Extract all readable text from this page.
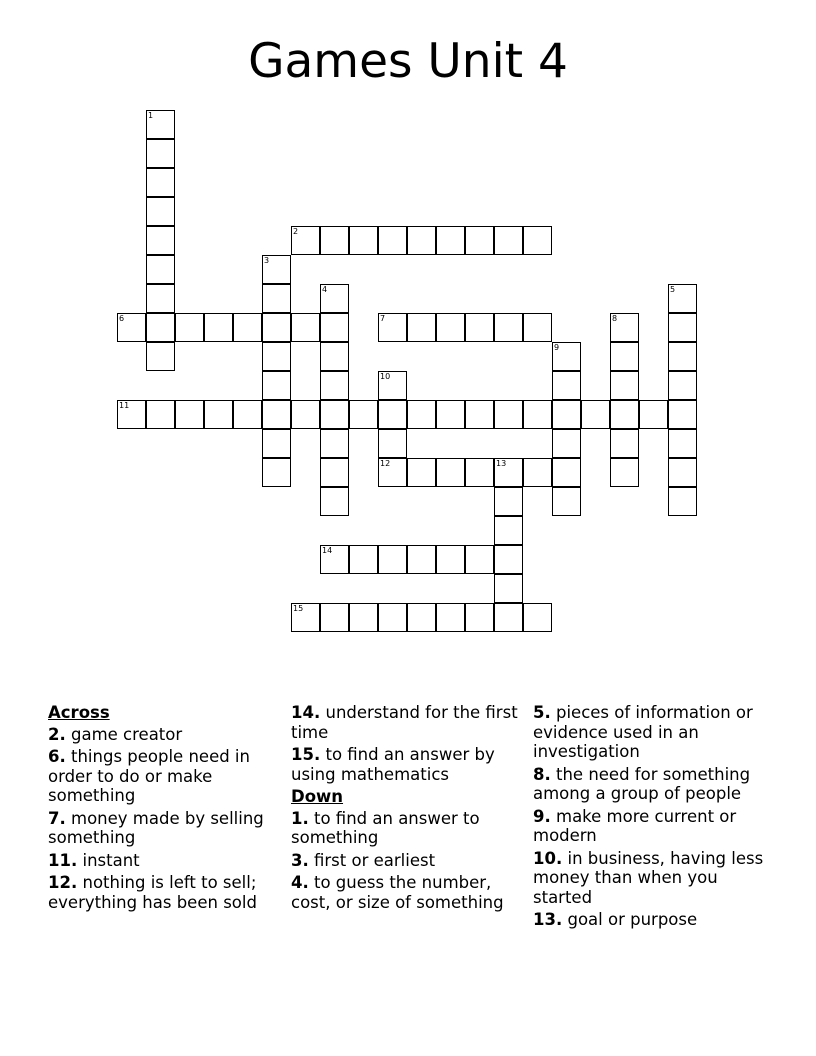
Games Unit 4
1
2
3
4	5
6	7	8
9
10
12
11
13
14
15
Across
2. game creator
6. things people need in order to do or make something
7. money made by selling something
11. instant
12. nothing is left to sell; everything has been sold
14. understand for the first time
15. to find an answer by using mathematics
Down
1. to find an answer to something
3. first or earliest
4. to guess the number, cost, or size of something
5. pieces of information or evidence used in an investigation
8. the need for something among a group of people
9. make more current or modern
10. in business, having less money than when you started
13. goal or purpose
